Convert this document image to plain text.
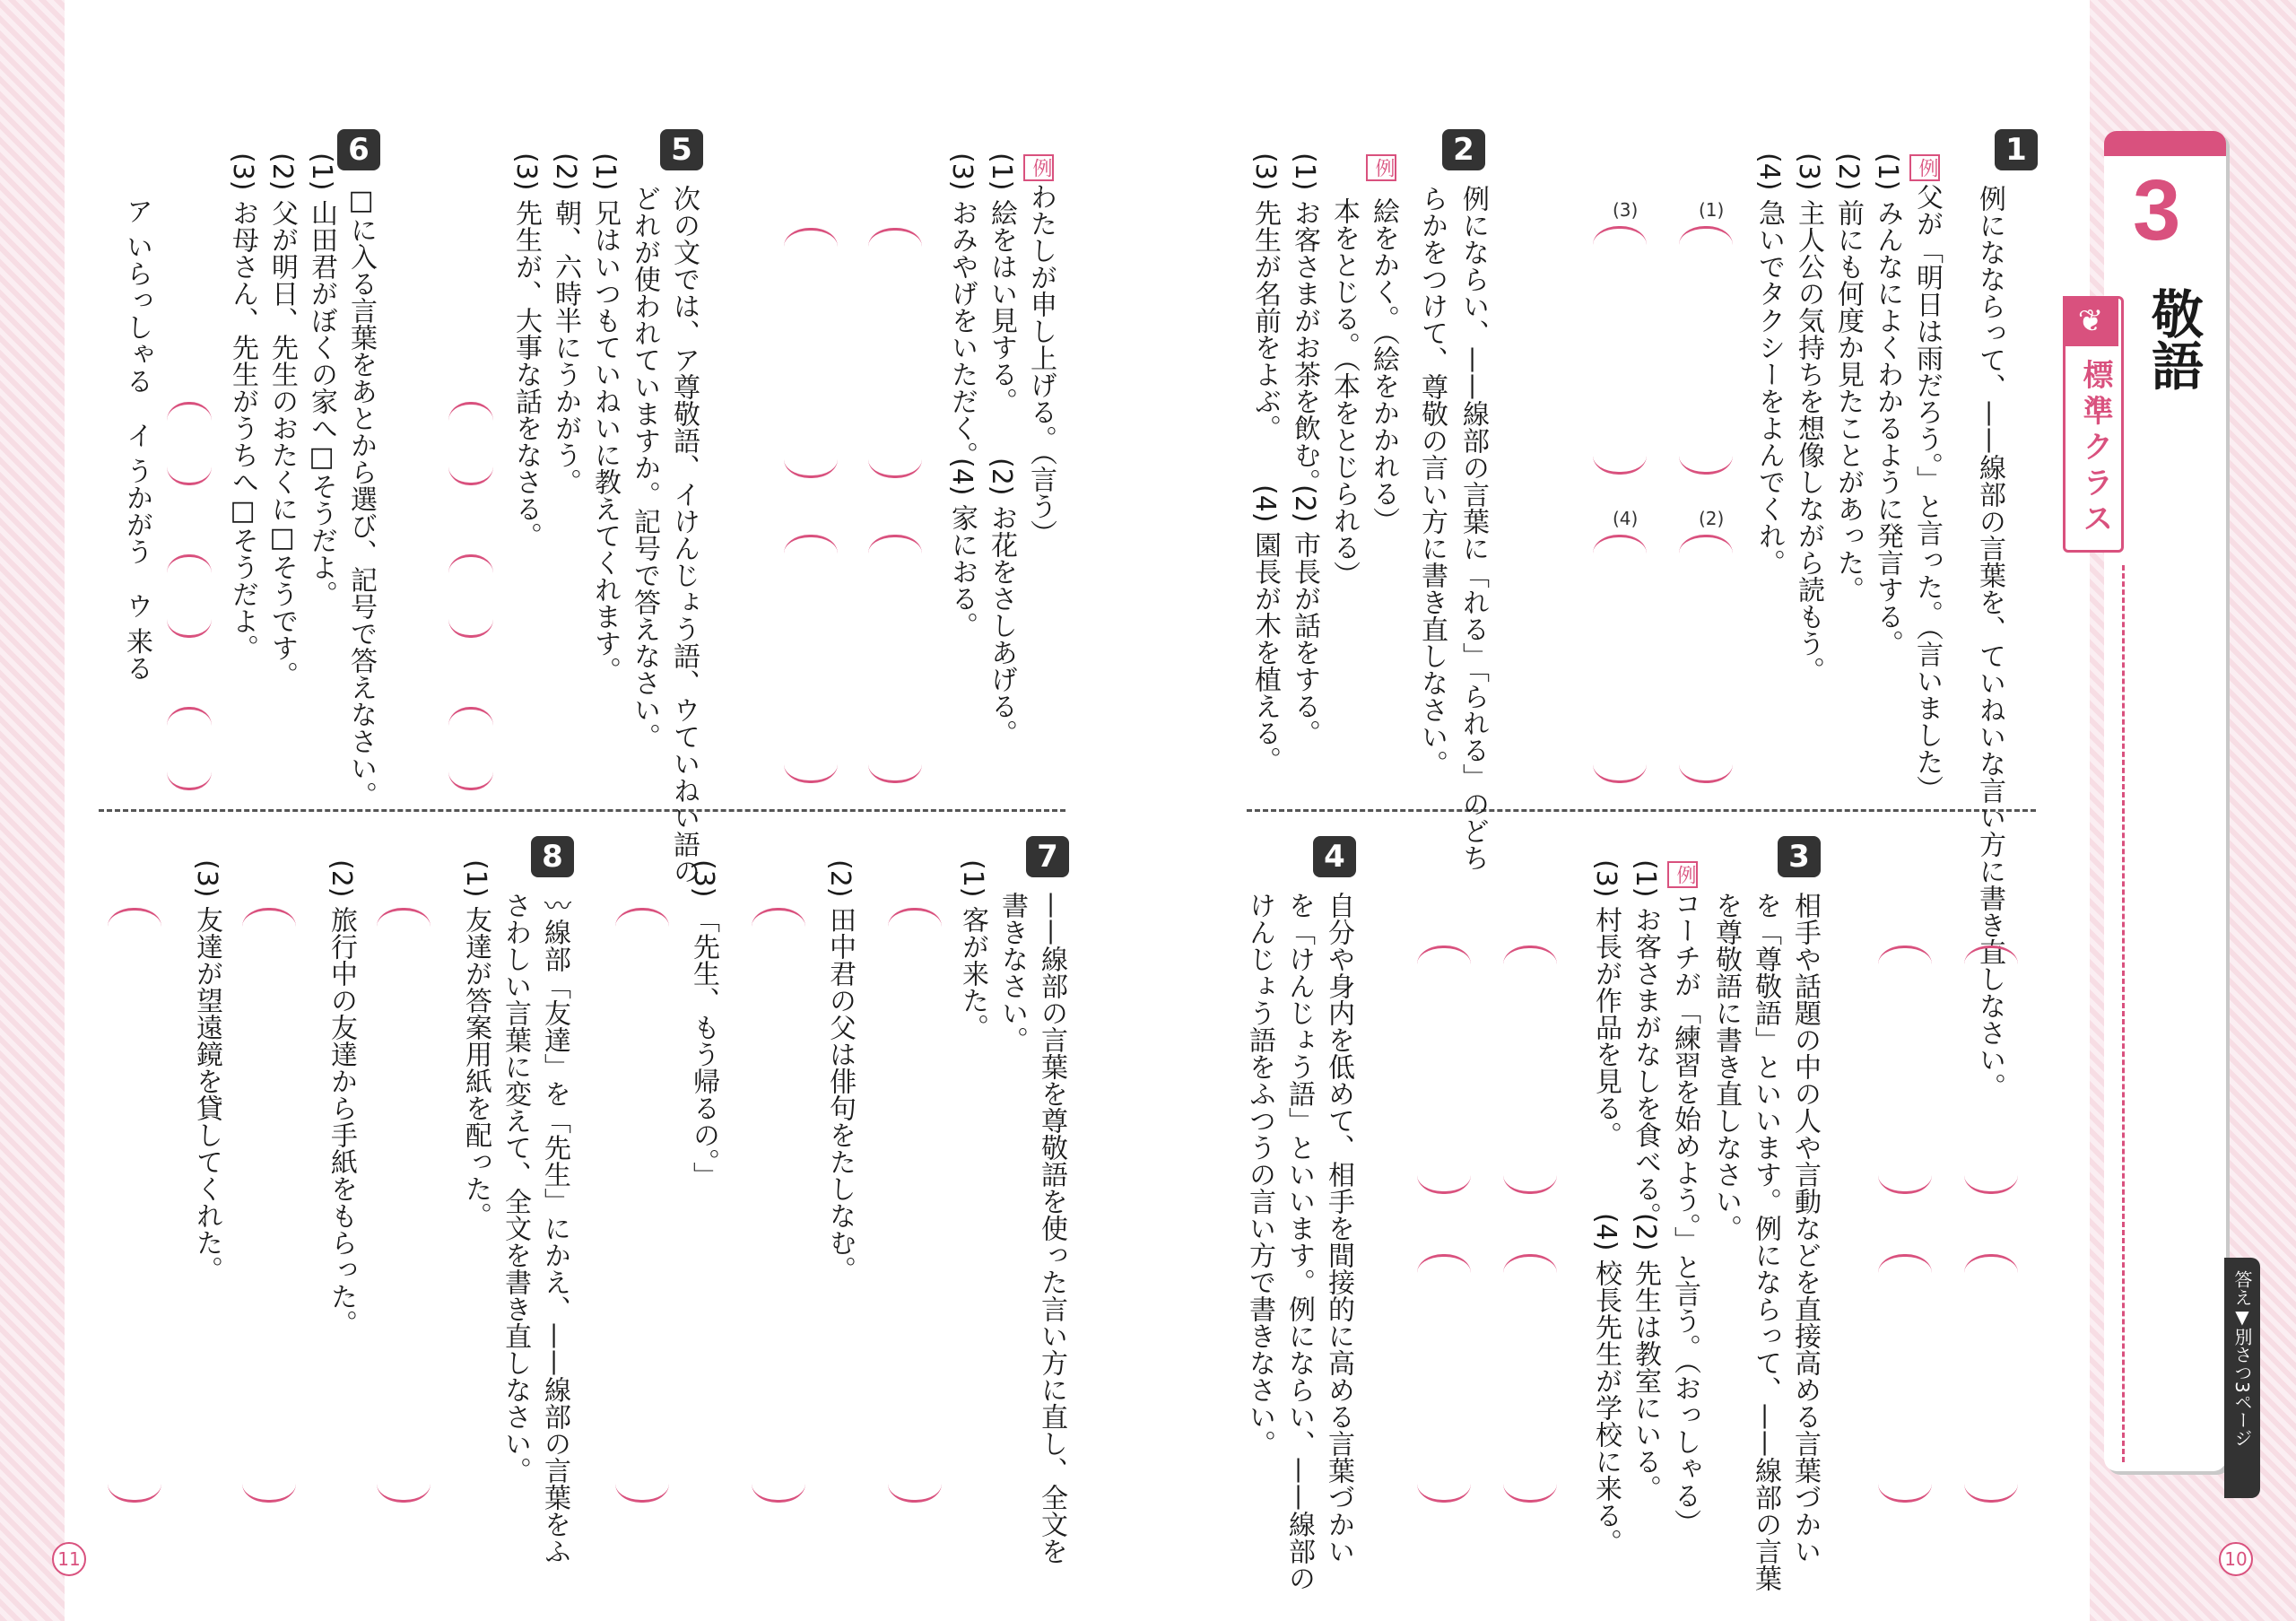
11	10
3
敬語
❦
標準クラス
答え▼別さつ3ページ
1
例になならって、——線部の言葉を、ていねいな言い方に書き直しなさい。
例父が「明日は雨だろう。」と言った。（言いました）
(1) みんなによくわかるように発言する。
(2) 前にも何度か見たことがあった。
(3) 主人公の気持ちを想像しながら読もう。
(4) 急いでタクシーをよんでくれ。
(1)
(2)
(3)
(4)
2
例にならい、——線部の言葉に「れる」「られる」のどち
らかをつけて、尊敬の言い方に書き直しなさい。
例
絵をかく。（絵をかかれる）
本をとじる。（本をとじられる）
(1) お客さまがお茶を飲む。
(2) 市長が話をする。
(3) 先生が名前をよぶ。
(4) 園長が木を植える。
3
相手や話題の中の人や言動などを直接高める言葉づかい
を「尊敬語」といいます。例にならって、——線部の言葉
を尊敬語に書き直しなさい。
例コーチが「練習を始めよう。」と言う。（おっしゃる）
(1) お客さまがなしを食べる。
(2) 先生は教室にいる。
(3) 村長が作品を見る。
(4) 校長先生が学校に来る。
4
自分や身内を低めて、相手を間接的に高める言葉づかい
を「けんじょう語」といいます。例にならい、——線部の
けんじょう語をふつうの言い方で書きなさい。
例わたしが申し上げる。（言う）
(1) 絵をはい見する。
(2) お花をさしあげる。
(3) おみやげをいただく。
(4) 家におる。
5
次の文では、ア尊敬語、イけんじょう語、ウていねい語の
どれが使われていますか。記号で答えなさい。
(1) 兄はいつもていねいに教えてくれます。
(2) 朝、六時半にうかがう。
(3) 先生が、大事な話をなさる。
6
□に入る言葉をあとから選び、記号で答えなさい。
(1) 山田君がぼくの家へ□そうだよ。
(2) 父が明日、先生のおたくに□そうです。
(3) お母さん、先生がうちへ□そうだよ。
ア いらっしゃる
イ うかがう
ウ 来る
7
——線部の言葉を尊敬語を使った言い方に直し、全文を
書きなさい。
(1) 客が来た。
(2) 田中君の父は俳句をたしなむ。
(3) 「先生、もう帰るの。」
8
〰線部「友達」を「先生」にかえ、——線部の言葉をふ
さわしい言葉に変えて、全文を書き直しなさい。
(1) 友達が答案用紙を配った。
(2) 旅行中の友達から手紙をもらった。
(3) 友達が望遠鏡を貸してくれた。
